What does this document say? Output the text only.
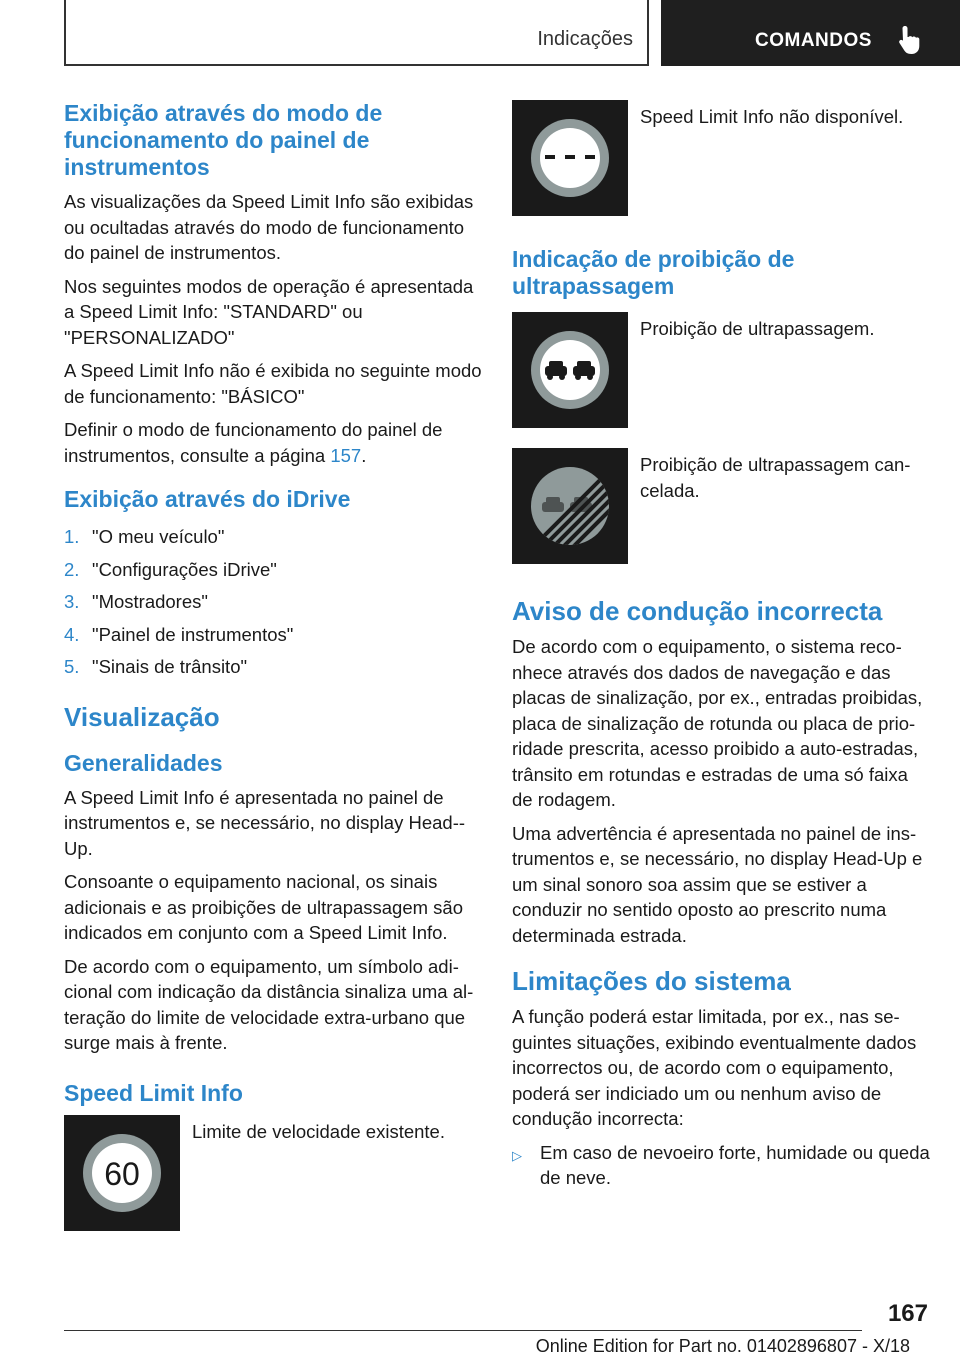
Indicações	COMANDOS
Exibição através do modo de funcionamento do painel de instrumentos

As visualizações da Speed Limit Info são exibidas ou ocultadas através do modo de funcionamento do painel de instrumentos.

Nos seguintes modos de operação é apresentada a Speed Limit Info: "STANDARD" ou "PERSONALIZADO"

A Speed Limit Info não é exibida no seguinte modo de funcionamento: "BÁSICO"

Definir o modo de funcionamento do painel de instrumentos, consulte a página 157.

Exibição através do iDrive
1. "O meu veículo"
2. "Configurações iDrive"
3. "Mostradores"
4. "Painel de instrumentos"
5. "Sinais de trânsito"
Visualização
Generalidades

A Speed Limit Info é apresentada no painel de instrumentos e, se necessário, no display Head--Up.

Consoante o equipamento nacional, os sinais adicionais e as proibições de ultrapassagem são indicados em conjunto com a Speed Limit Info.

De acordo com o equipamento, um símbolo adicional com indicação da distância sinaliza uma alteração do limite de velocidade extra-urbano que surge mais à frente.

Speed Limit Info
60
Limite de velocidade existente.
Speed Limit Info não disponível.
Indicação de proibição de ultrapassagem
Proibição de ultrapassagem.
Proibição de ultrapassagem cancelada.
Aviso de condução incorrecta

De acordo com o equipamento, o sistema reconhece através dos dados de navegação e das placas de sinalização, por ex., entradas proibidas, placa de sinalização de rotunda ou placa de prioridade prescrita, acesso proibido a auto-estradas, trânsito em rotundas e estradas de uma só faixa de rodagem.

Uma advertência é apresentada no painel de instrumentos e, se necessário, no display Head-Up e um sinal sonoro soa assim que se estiver a conduzir no sentido oposto ao prescrito numa determinada estrada.

Limitações do sistema

A função poderá estar limitada, por ex., nas seguintes situações, exibindo eventualmente dados incorrectos ou, de acordo com o equipamento, poderá ser indiciado um ou nenhum aviso de condução incorrecta:

▷ Em caso de nevoeiro forte, humidade ou queda de neve.
167
Online Edition for Part no. 01402896807 - X/18
